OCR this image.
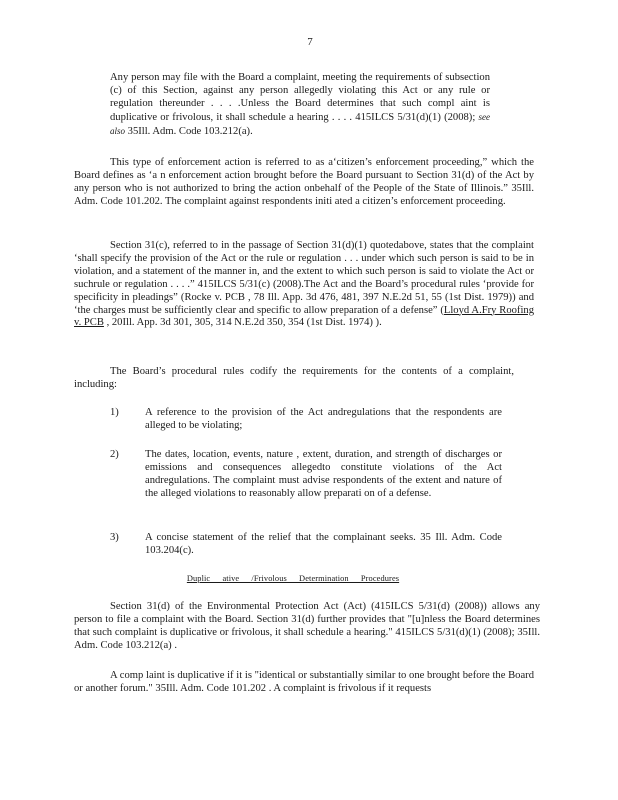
7
Any person may file with the Board a complaint, meeting the requirements of subsection (c) of this Section, against any person allegedly violating this Act or any rule or regulation thereunder . . . .Unless the Board determines that such compl aint is duplicative or frivolous, it shall schedule a hearing . . . . 415ILCS 5/31(d)(1) (2008); see also 35Ill. Adm. Code 103.212(a).
This type of enforcement action is referred to as a‘citizen’s enforcement proceeding,” which the Board defines as ‘a n enforcement action brought before the Board pursuant to Section 31(d) of the Act by any person who is not authorized to bring the action onbehalf of the People of the State of Illinois.” 35Ill. Adm. Code 101.202. The complaint against respondents initi ated a citizen’s enforcement proceeding.
Section 31(c), referred to in the passage of Section 31(d)(1) quotedabove, states that the complaint ‘shall specify the provision of the Act or the rule or regulation . . . under which such person is said to be in violation, and a statement of the manner in, and the extent to which such person is said to violate the Act or suchrule or regulation . . . .” 415ILCS 5/31(c) (2008).The Act and the Board’s procedural rules ‘provide for specificity in pleadings” (Rocke v. PCB , 78 Ill. App. 3d 476, 481, 397 N.E.2d 51, 55 (1st Dist. 1979)) and ‘the charges must be sufficiently clear and specific to allow preparation of a defense” (Lloyd A.Fry Roofing v. PCB , 20Ill. App. 3d 301, 305, 314 N.E.2d 350, 354 (1st Dist. 1974) ).
The Board’s procedural rules codify the requirements for the contents of a complaint, including:
1)	A reference to the provision of the Act andregulations that the respondents are alleged to be violating;
2)	The dates, location, events, nature , extent, duration, and strength of discharges or emissions and consequences allegedto constitute violations of the Act andregulations. The complaint must advise respondents of the extent and nature of the alleged violations to reasonably allow preparati on of a defense.
3)	A concise statement of the relief that the complainant seeks. 35 Ill. Adm. Code 103.204(c).
Duplic ative /Frivolous Determination Procedures
Section 31(d) of the Environmental Protection Act (Act) (415ILCS 5/31(d) (2008)) allows any person to file a complaint with the Board. Section 31(d) further provides that "[u]nless the Board determines that such complaint is duplicative or frivolous, it shall schedule a hearing." 415ILCS 5/31(d)(1) (2008); 35Ill. Adm. Code 103.212(a) .
A comp laint is duplicative if it is "identical or substantially similar to one brought before the Board or another forum." 35Ill. Adm. Code 101.202 . A complaint is frivolous if it requests
